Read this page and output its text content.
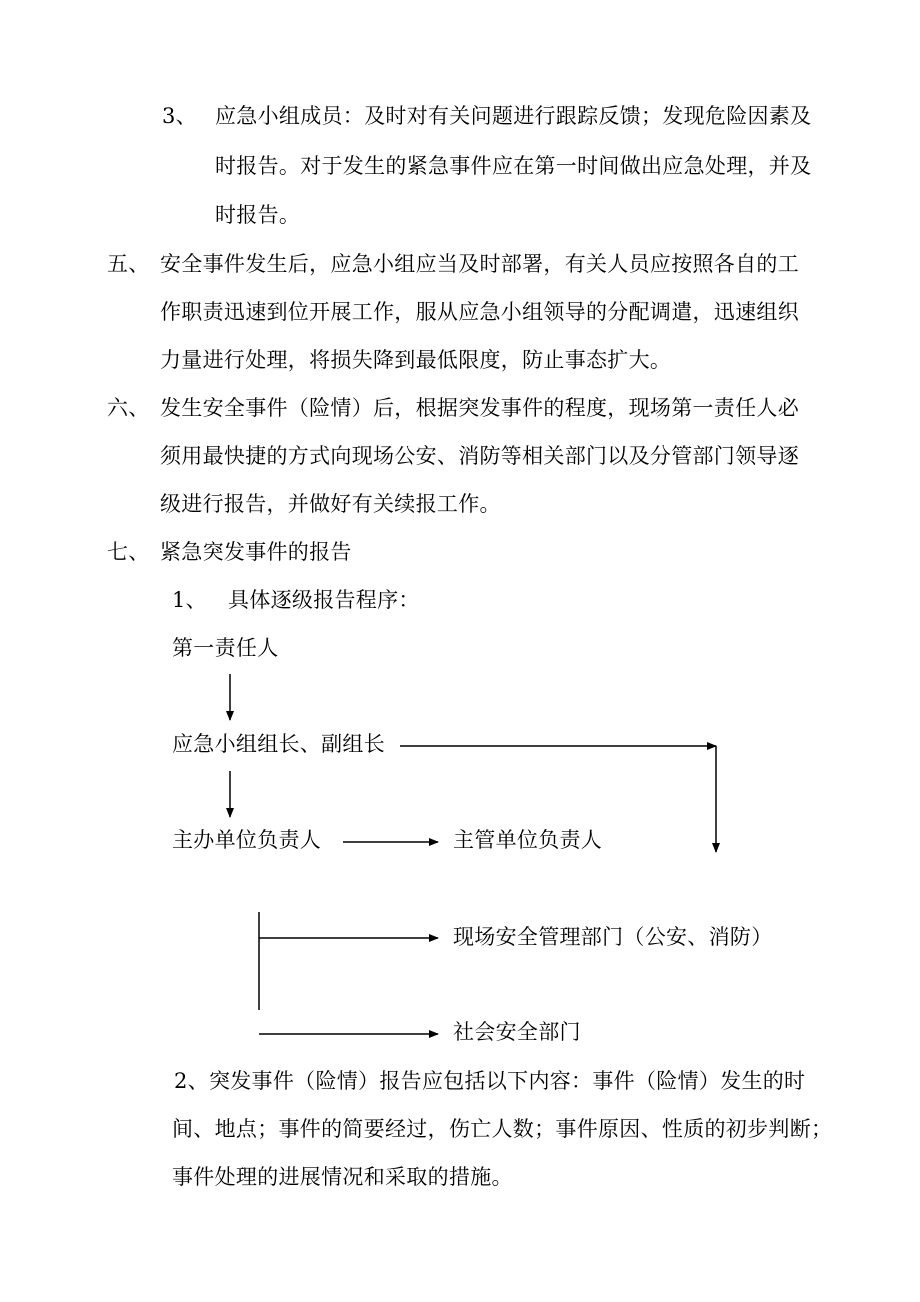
3、 应急小组成员：及时对有关问题进行跟踪反馈；发现危险因素及
时报告。对于发生的紧急事件应在第一时间做出应急处理，并及
时报告。
五、 安全事件发生后，应急小组应当及时部署，有关人员应按照各自的工
作职责迅速到位开展工作，服从应急小组领导的分配调遣，迅速组织
力量进行处理，将损失降到最低限度，防止事态扩大。
六、 发生安全事件（险情）后，根据突发事件的程度，现场第一责任人必
须用最快捷的方式向现场公安、消防等相关部门以及分管部门领导逐
级进行报告，并做好有关续报工作。
七、 紧急突发事件的报告
1、 具体逐级报告程序：
第一责任人
应急小组组长、副组长
主办单位负责人	主管单位负责人
现场安全管理部门（公安、消防）
社会安全部门
2、突发事件（险情）报告应包括以下内容：事件（险情）发生的时
间、地点；事件的简要经过，伤亡人数；事件原因、性质的初步判断；
事件处理的进展情况和采取的措施。
